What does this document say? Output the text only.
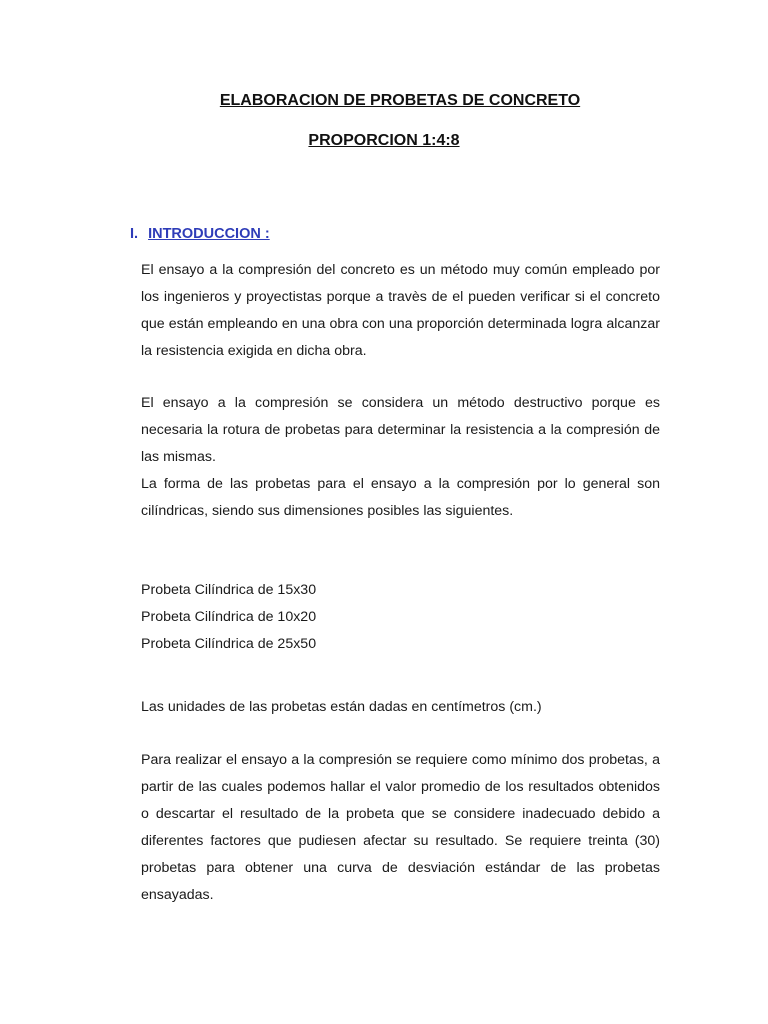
ELABORACION DE PROBETAS DE CONCRETO
PROPORCION 1:4:8
I. INTRODUCCION :

El ensayo a la compresión del concreto es un método muy común empleado por los ingenieros y proyectistas porque a travès de el pueden verificar si el concreto que están empleando en una obra con una proporción determinada logra alcanzar la resistencia exigida en dicha obra.

El ensayo a la compresión se considera un método destructivo porque es necesaria la rotura de probetas para determinar la resistencia a la compresión de las mismas.

La forma de las probetas para el ensayo a la compresión por lo general son cilíndricas, siendo sus dimensiones posibles las siguientes.

Probeta Cilíndrica de 15x30
Probeta Cilíndrica de 10x20
Probeta Cilíndrica de 25x50

Las unidades de las probetas están dadas en centímetros (cm.)

Para realizar el ensayo a la compresión se requiere como mínimo dos probetas, a partir de las cuales podemos hallar el valor promedio de los resultados obtenidos o descartar el resultado de la probeta que se considere inadecuado debido a diferentes factores que pudiesen afectar su resultado. Se requiere treinta (30) probetas para obtener una curva de desviación estándar de las probetas ensayadas.
